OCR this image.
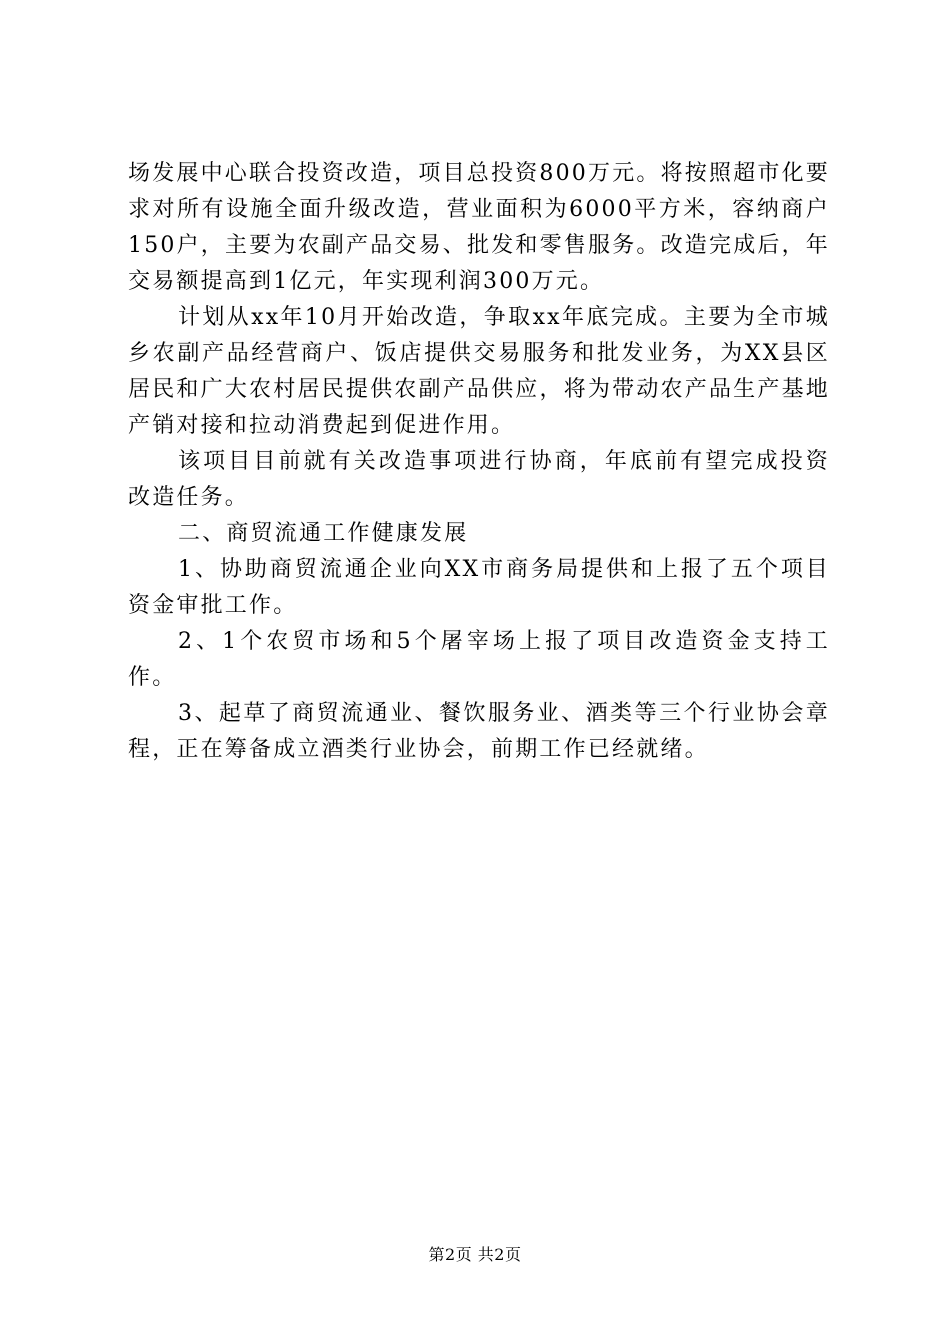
场发展中心联合投资改造，项目总投资800万元。将按照超市化要求对所有设施全面升级改造，营业面积为6000平方米，容纳商户150户，主要为农副产品交易、批发和零售服务。改造完成后，年交易额提高到1亿元，年实现利润300万元。

计划从xx年10月开始改造，争取xx年底完成。主要为全市城乡农副产品经营商户、饭店提供交易服务和批发业务，为XX县区居民和广大农村居民提供农副产品供应，将为带动农产品生产基地产销对接和拉动消费起到促进作用。

该项目目前就有关改造事项进行协商，年底前有望完成投资改造任务。

二、商贸流通工作健康发展

1、协助商贸流通企业向XX市商务局提供和上报了五个项目资金审批工作。

2、1个农贸市场和5个屠宰场上报了项目改造资金支持工作。

3、起草了商贸流通业、餐饮服务业、酒类等三个行业协会章程，正在筹备成立酒类行业协会，前期工作已经就绪。

第2页 共2页
